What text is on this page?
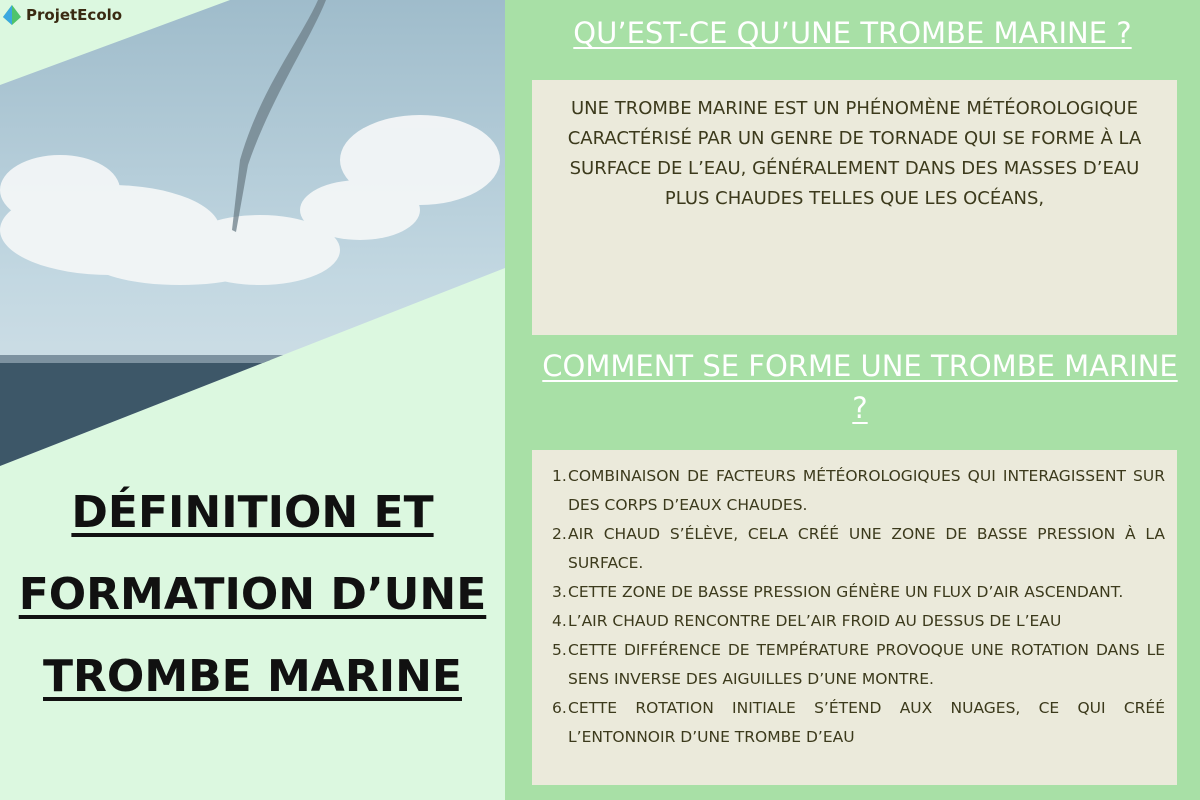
ProjetEcolo
DÉFINITION ET FORMATION D’UNE TROMBE MARINE
QU’EST-CE QU’UNE TROMBE MARINE ?
UNE TROMBE MARINE EST UN PHÉNOMÈNE MÉTÉOROLOGIQUE CARACTÉRISÉ PAR UN GENRE DE TORNADE QUI SE FORME À LA SURFACE DE L’EAU, GÉNÉRALEMENT DANS DES MASSES D’EAU PLUS CHAUDES TELLES QUE LES OCÉANS,
COMMENT SE FORME UNE TROMBE MARINE ?
1. COMBINAISON DE FACTEURS MÉTÉOROLOGIQUES QUI INTERAGISSENT SUR DES CORPS D’EAUX CHAUDES.
2. AIR CHAUD S’ÉLÈVE, CELA CRÉÉ UNE ZONE DE BASSE PRESSION À LA SURFACE.
3. CETTE ZONE DE BASSE PRESSION GÉNÈRE UN FLUX D’AIR ASCENDANT.
4. L’AIR CHAUD RENCONTRE DEL’AIR FROID AU DESSUS DE L’EAU
5. CETTE DIFFÉRENCE DE TEMPÉRATURE PROVOQUE UNE ROTATION DANS LE SENS INVERSE DES AIGUILLES D’UNE MONTRE.
6. CETTE ROTATION INITIALE S’ÉTEND AUX NUAGES, CE QUI CRÉÉ L’ENTONNOIR D’UNE TROMBE D’EAU
